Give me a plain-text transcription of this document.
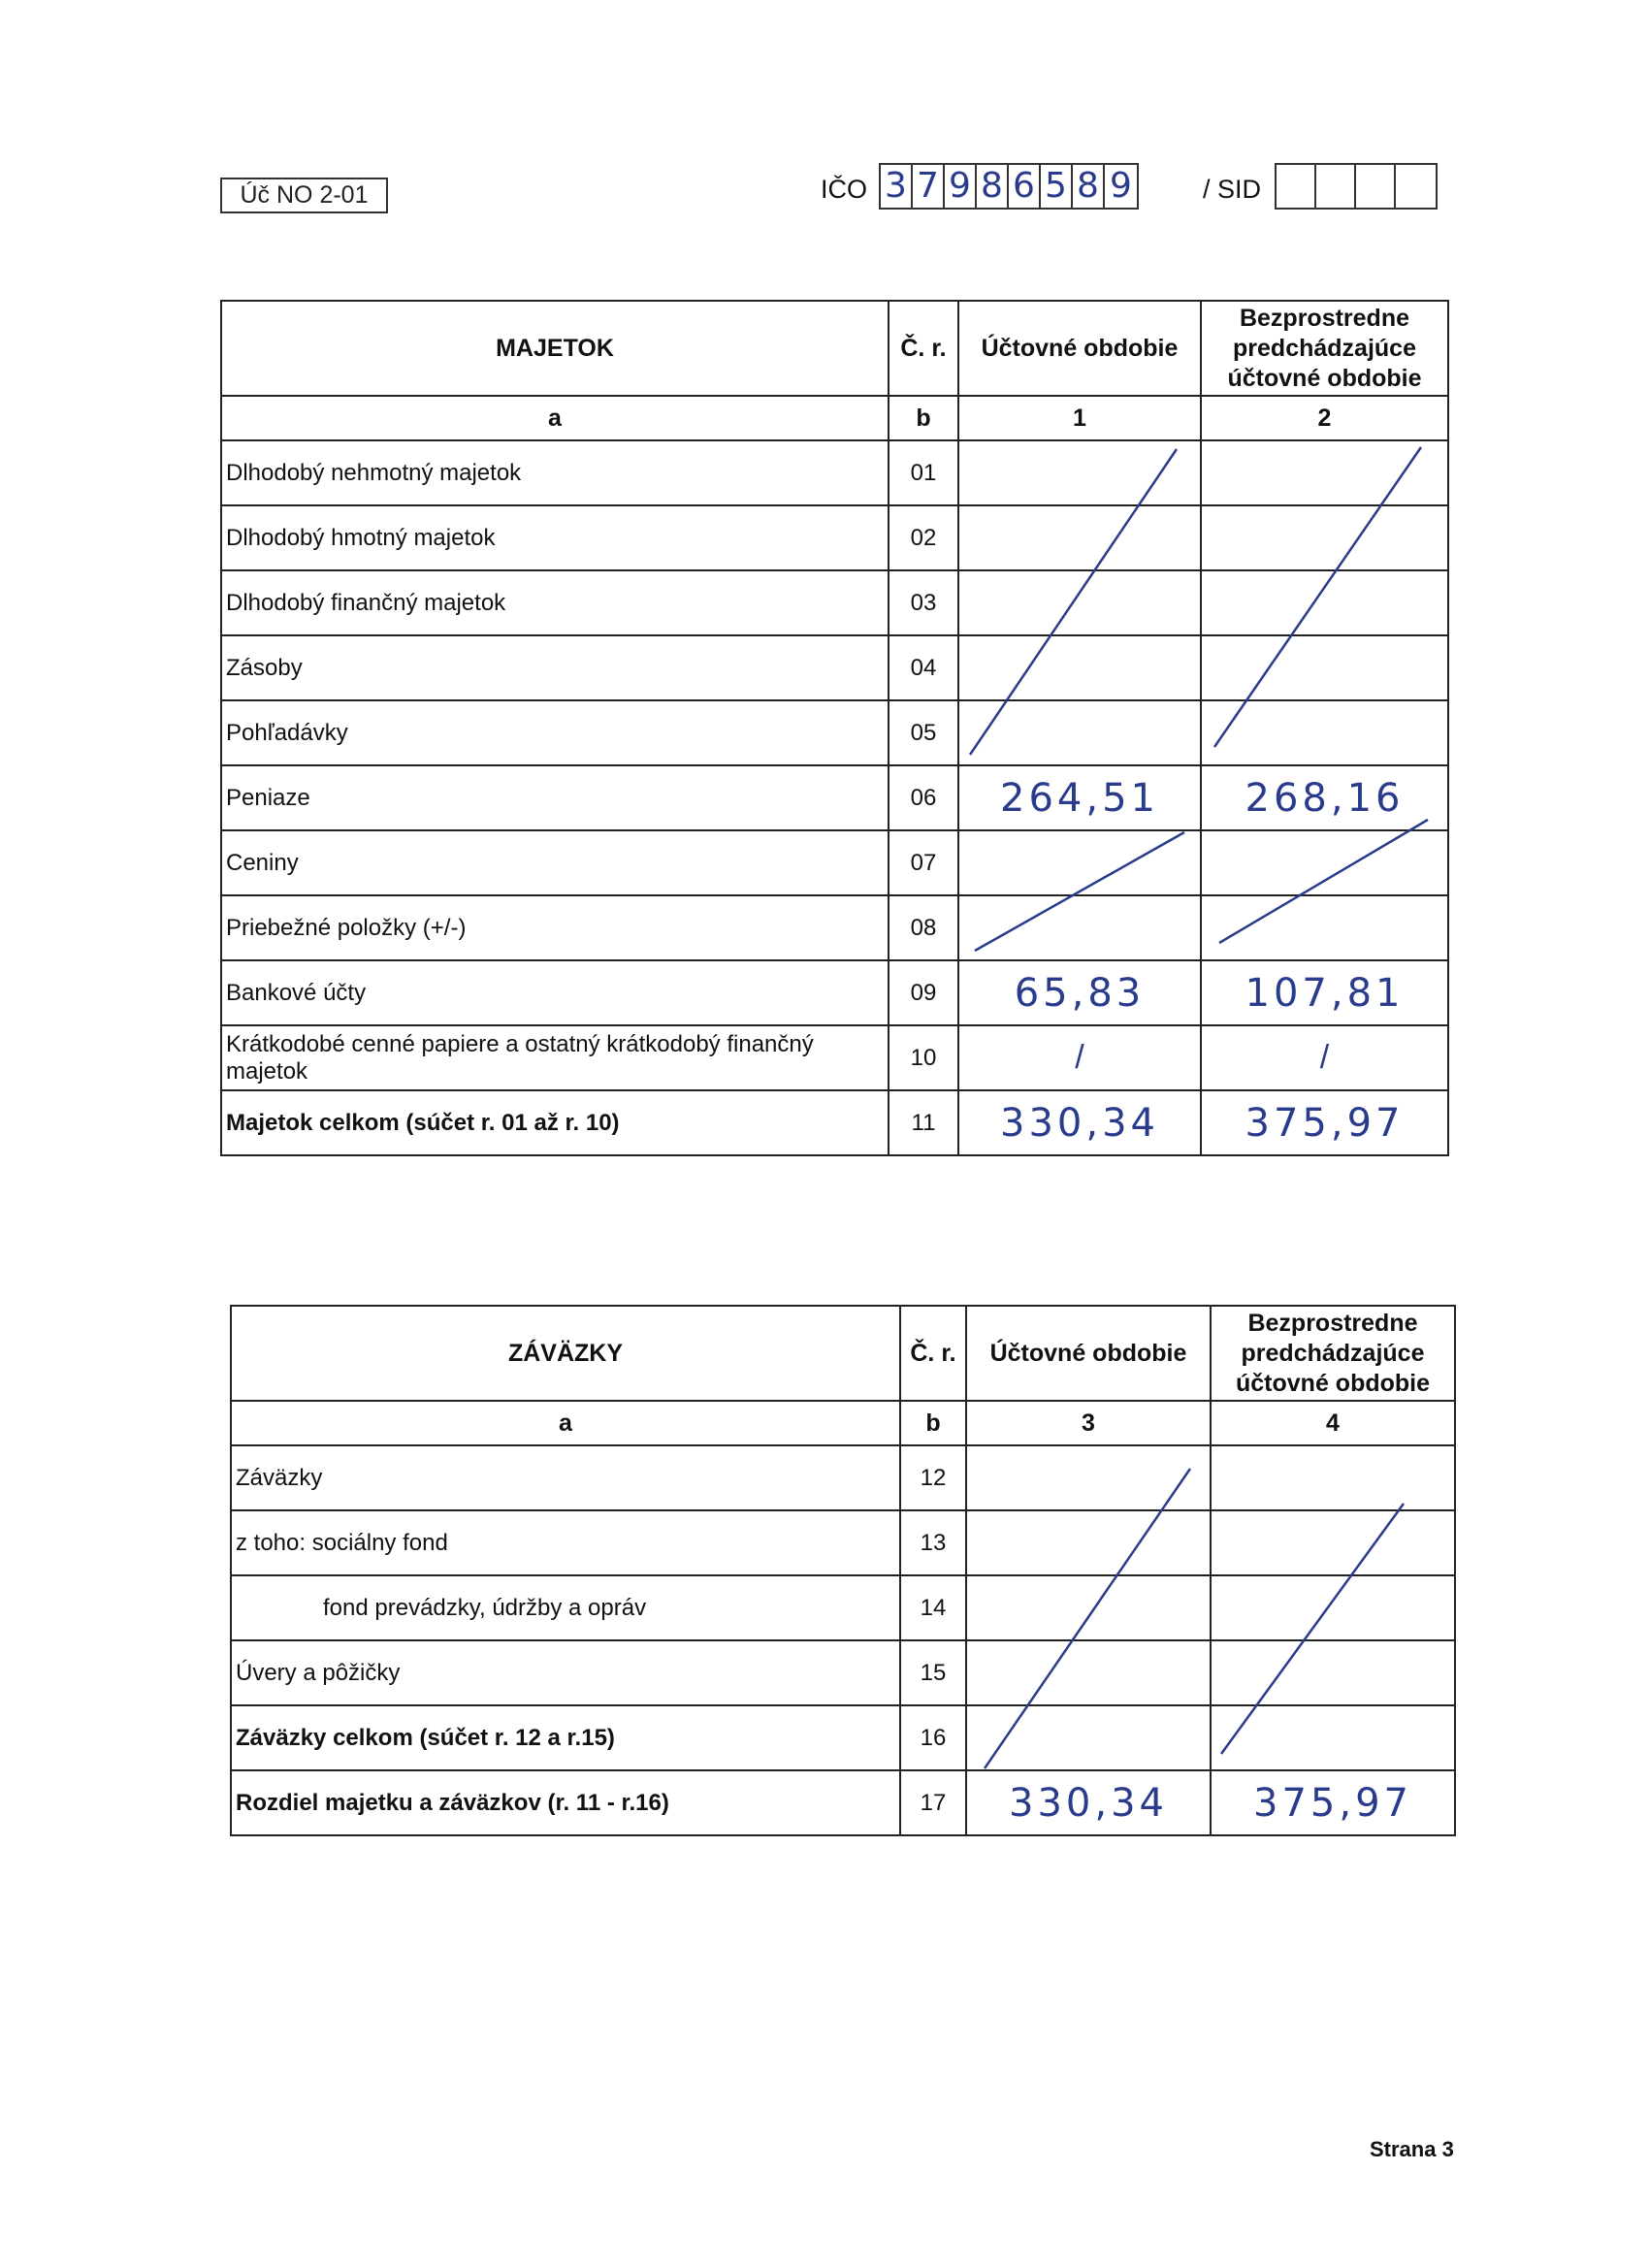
Úč NO 2-01	IČO 3 7 9 8 6 5 8 9	/ SID
MAJETOK	Č. r.	Účtovné obdobie	Bezprostredne predchádzajúce účtovné obdobie
a	b	1	2
Dlhodobý nehmotný majetok	01		
Dlhodobý hmotný majetok	02		
Dlhodobý finančný majetok	03		
Zásoby	04		
Pohľadávky	05		
Peniaze	06	264,51	268,16
Ceniny	07		
Priebežné položky (+/-)	08		
Bankové účty	09	65,83	107,81
Krátkodobé cenné papiere a ostatný krátkodobý finančný majetok	10	/	/
Majetok celkom (súčet r. 01 až r. 10)	11	330,34	375,97
ZÁVÄZKY	Č. r.	Účtovné obdobie	Bezprostredne predchádzajúce účtovné obdobie
a	b	3	4
Záväzky	12		
z toho: sociálny fond	13		
fond prevádzky, údržby a opráv	14		
Úvery a pôžičky	15		
Záväzky celkom (súčet r. 12 a r.15)	16		
Rozdiel majetku a záväzkov (r. 11 - r.16)	17	330,34	375,97
Strana 3
